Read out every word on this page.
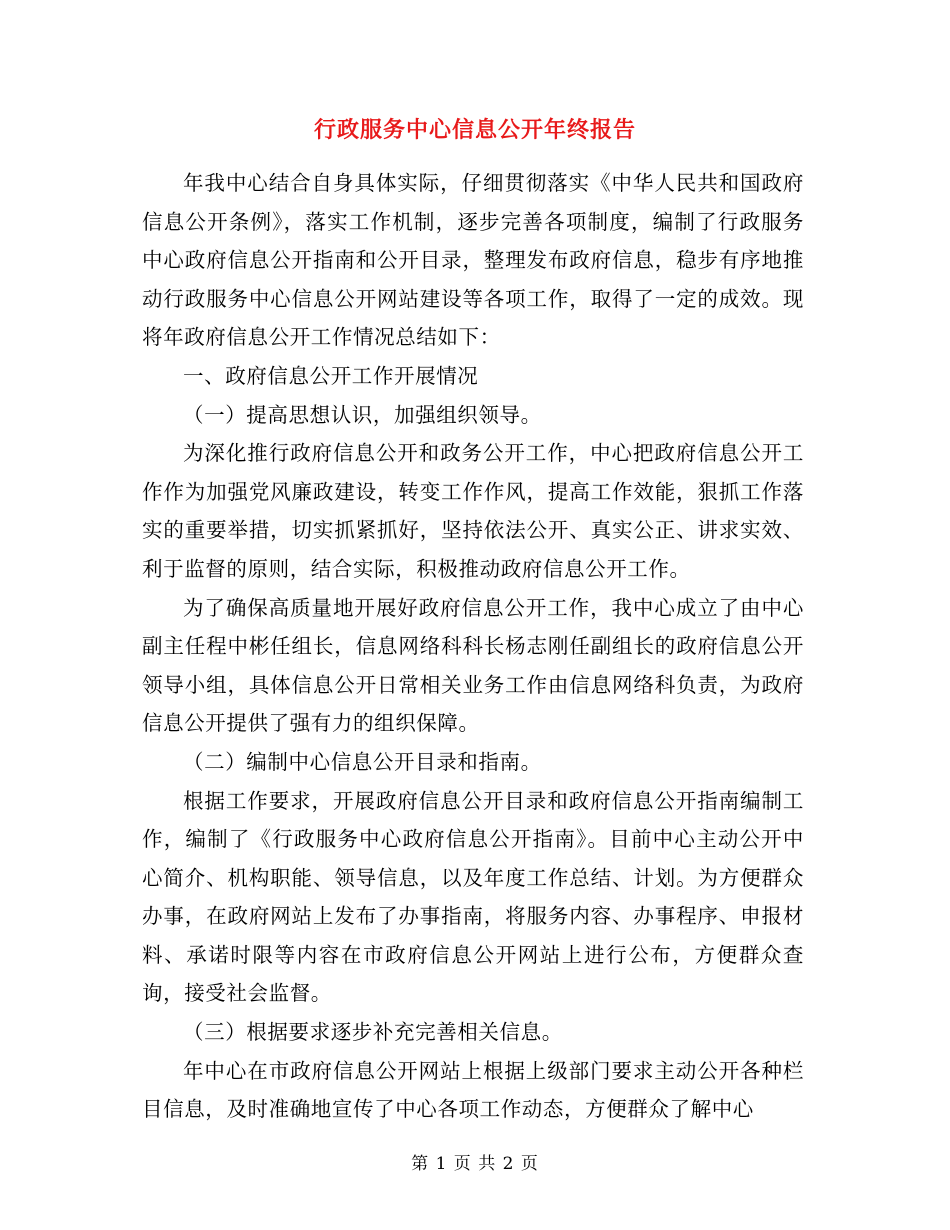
行政服务中心信息公开年终报告

年我中心结合自身具体实际，仔细贯彻落实《中华人民共和国政府信息公开条例》，落实工作机制，逐步完善各项制度，编制了行政服务中心政府信息公开指南和公开目录，整理发布政府信息，稳步有序地推动行政服务中心信息公开网站建设等各项工作，取得了一定的成效。现将年政府信息公开工作情况总结如下：

一、政府信息公开工作开展情况

（一）提高思想认识，加强组织领导。

为深化推行政府信息公开和政务公开工作，中心把政府信息公开工作作为加强党风廉政建设，转变工作作风，提高工作效能，狠抓工作落实的重要举措，切实抓紧抓好，坚持依法公开、真实公正、讲求实效、利于监督的原则，结合实际，积极推动政府信息公开工作。

为了确保高质量地开展好政府信息公开工作，我中心成立了由中心副主任程中彬任组长，信息网络科科长杨志刚任副组长的政府信息公开领导小组，具体信息公开日常相关业务工作由信息网络科负责，为政府信息公开提供了强有力的组织保障。

（二）编制中心信息公开目录和指南。

根据工作要求，开展政府信息公开目录和政府信息公开指南编制工作，编制了《行政服务中心政府信息公开指南》。目前中心主动公开中心简介、机构职能、领导信息，以及年度工作总结、计划。为方便群众办事，在政府网站上发布了办事指南，将服务内容、办事程序、申报材料、承诺时限等内容在市政府信息公开网站上进行公布，方便群众查询，接受社会监督。

（三）根据要求逐步补充完善相关信息。

年中心在市政府信息公开网站上根据上级部门要求主动公开各种栏目信息，及时准确地宣传了中心各项工作动态，方便群众了解中心

第 1 页 共 2 页
